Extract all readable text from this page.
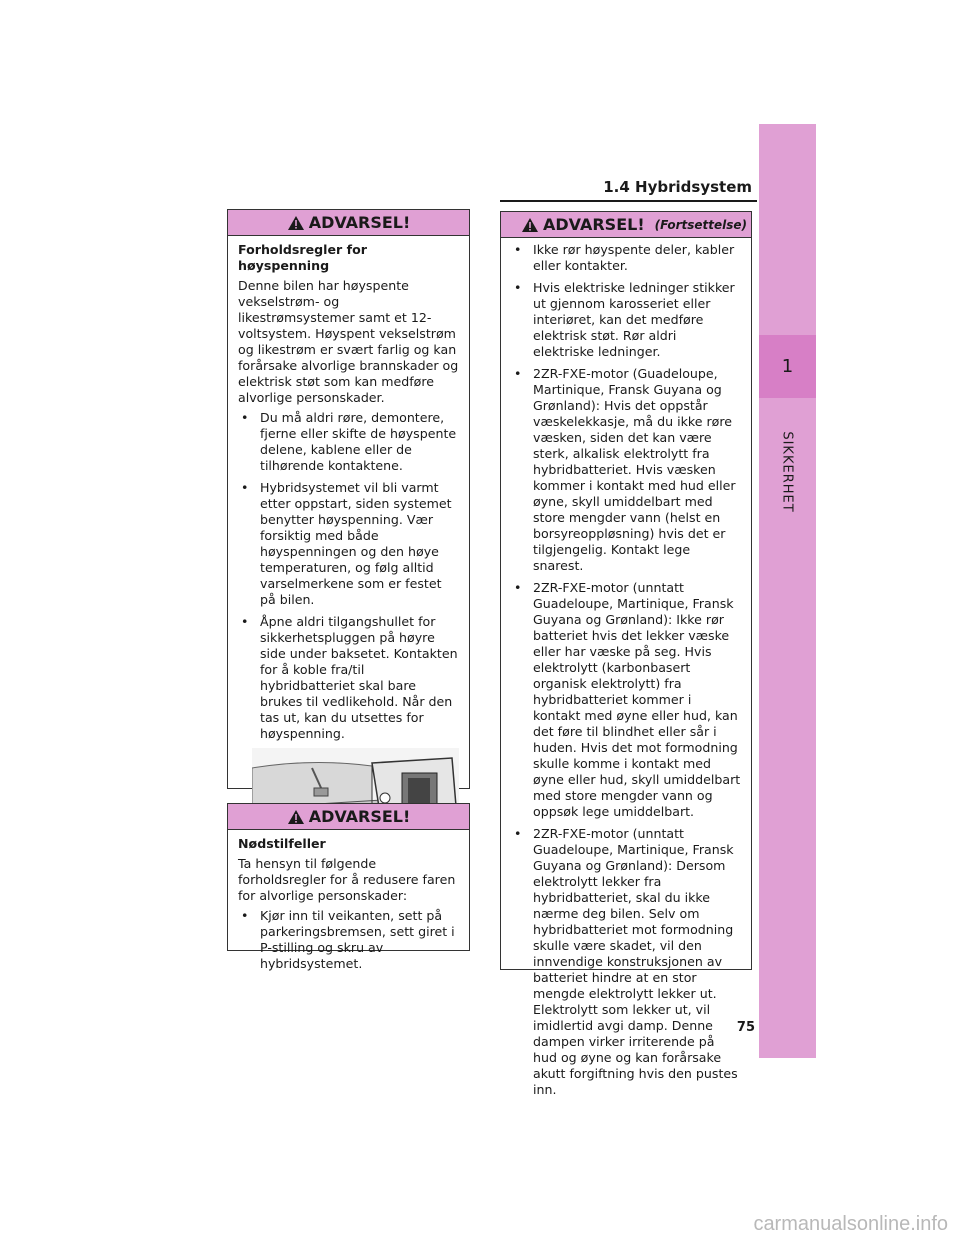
1.4 Hybridsystem
1
SIKKERHET
ADVARSEL!

Forholdsregler for høyspenning

Denne bilen har høyspente vekselstrøm- og likestrømsystemer samt et 12-voltsystem. Høyspent vekselstrøm og likestrøm er svært farlig og kan forårsake alvorlige brannskader og elektrisk støt som kan medføre alvorlige personskader.

• Du må aldri røre, demontere, fjerne eller skifte de høyspente delene, kablene eller de tilhørende kontaktene.
• Hybridsystemet vil bli varmt etter oppstart, siden systemet benytter høyspenning. Vær forsiktig med både høyspenningen og den høye temperaturen, og følg alltid varselmerkene som er festet på bilen.
• Åpne aldri tilgangshullet for sikkerhetspluggen på høyre side under baksetet. Kontakten for å koble fra/til hybridbatteriet skal bare brukes til vedlikehold. Når den tas ut, kan du utsettes for høyspenning.
ADVARSEL!

Nødstilfeller

Ta hensyn til følgende forholdsregler for å redusere faren for alvorlige personskader:

• Kjør inn til veikanten, sett på parkeringsbremsen, sett giret i P-stilling og skru av hybridsystemet.
ADVARSEL! (Fortsettelse)
• Ikke rør høyspente deler, kabler eller kontakter.
• Hvis elektriske ledninger stikker ut gjennom karosseriet eller interiøret, kan det medføre elektrisk støt. Rør aldri elektriske ledninger.
• 2ZR-FXE-motor (Guadeloupe, Martinique, Fransk Guyana og Grønland): Hvis det oppstår væskelekkasje, må du ikke røre væsken, siden det kan være sterk, alkalisk elektrolytt fra hybridbatteriet. Hvis væsken kommer i kontakt med hud eller øyne, skyll umiddelbart med store mengder vann (helst en borsyreoppløsning) hvis det er tilgjengelig. Kontakt lege snarest.
• 2ZR-FXE-motor (unntatt Guadeloupe, Martinique, Fransk Guyana og Grønland): Ikke rør batteriet hvis det lekker væske eller har væske på seg. Hvis elektrolytt (karbonbasert organisk elektrolytt) fra hybridbatteriet kommer i kontakt med øyne eller hud, kan det føre til blindhet eller sår i huden. Hvis det mot formodning skulle komme i kontakt med øyne eller hud, skyll umiddelbart med store mengder vann og oppsøk lege umiddelbart.
• 2ZR-FXE-motor (unntatt Guadeloupe, Martinique, Fransk Guyana og Grønland): Dersom elektrolytt lekker fra hybridbatteriet, skal du ikke nærme deg bilen. Selv om hybridbatteriet mot formodning skulle være skadet, vil den innvendige konstruksjonen av batteriet hindre at en stor mengde elektrolytt lekker ut. Elektrolytt som lekker ut, vil imidlertid avgi damp. Denne dampen virker irriterende på hud og øyne og kan forårsake akutt forgiftning hvis den pustes inn.
75
carmanualsonline.info
